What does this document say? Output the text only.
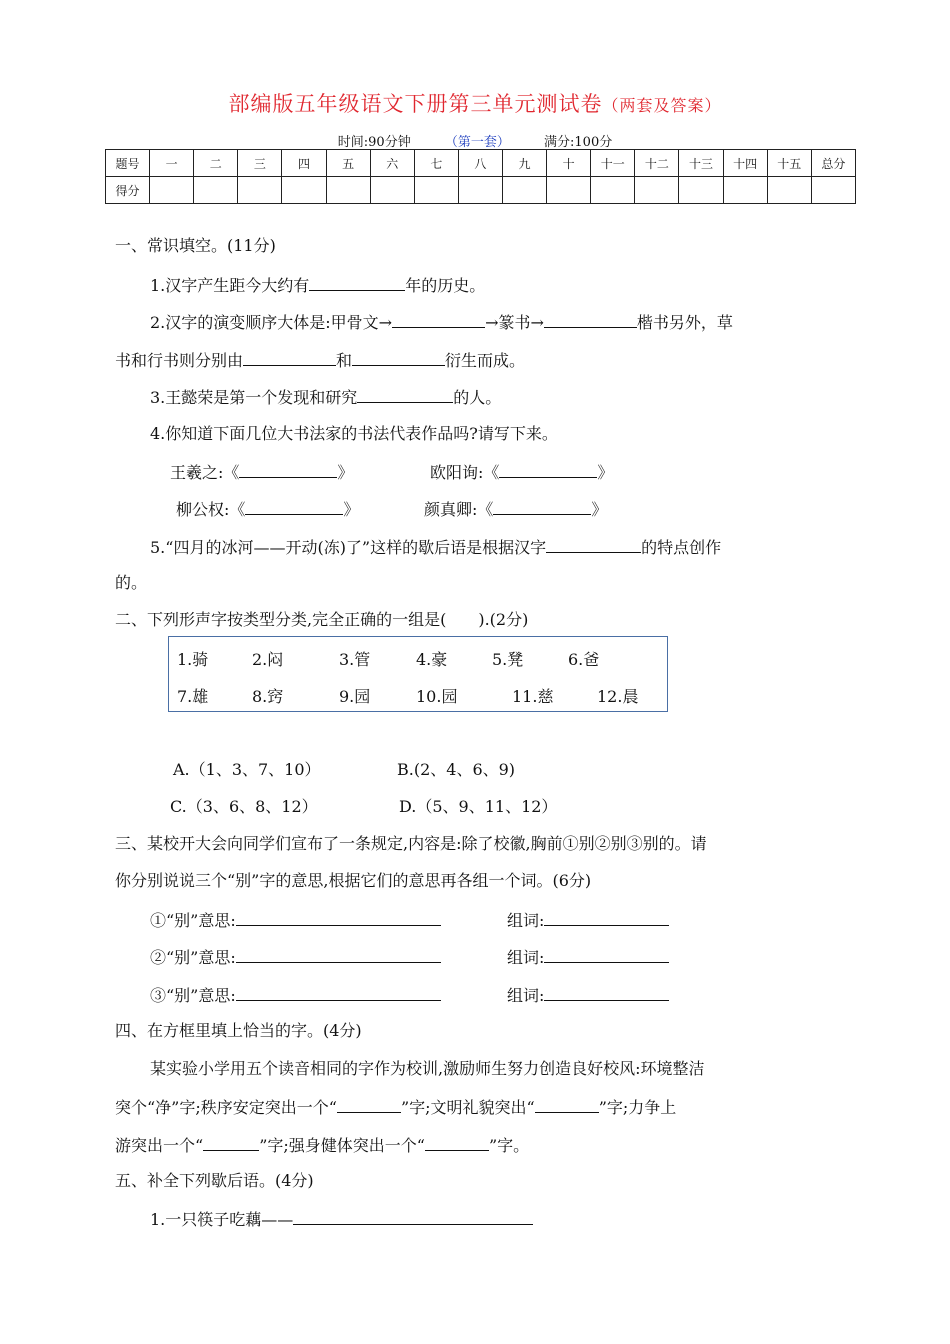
部编版五年级语文下册第三单元测试卷（两套及答案）
时间:90分钟	（第一套）	满分:100分
题号	一	二	三	四	五	六	七	八	九	十	十一	十二	十三	十四	十五	总分
得分																
一、常识填空。(11分)
1.汉字产生距今大约有	年的历史。
2.汉字的演变顺序大体是:甲骨文→	→篆书→	楷书另外，草
书和行书则分别由	和	衍生而成。
3.王懿荣是第一个发现和研究	的人。
4.你知道下面几位大书法家的书法代表作品吗?请写下来。
王羲之:《	》	欧阳询:《	》
柳公权:《	》	颜真卿:《	》
5.“四月的冰河——开动(冻)了”这样的歇后语是根据汉字	的特点创作
的。
二、下列形声字按类型分类,完全正确的一组是(　　).(2分)
1.骑	2.闷	3.管	4.豪	5.凳	6.爸
7.雄	8.窍	9.园	10.园	11.慈	12.晨
A.（1、3、7、10）	B.(2、4、6、9)
C.（3、6、8、12）	D.（5、9、11、12）
三、某校开大会向同学们宣布了一条规定,内容是:除了校徽,胸前①别②别③别的。请
你分别说说三个“别”字的意思,根据它们的意思再各组一个词。(6分)
①“别”意思:	组词:
②“别”意思:	组词:
③“别”意思:	组词:
四、在方框里填上恰当的字。(4分)
某实验小学用五个读音相同的字作为校训,激励师生努力创造良好校风:环境整洁
突个“净”字;秩序安定突出一个“	”字;文明礼貌突出“	”字;力争上
游突出一个“	”字;强身健体突出一个“	”字。
五、补全下列歇后语。(4分)
1.一只筷子吃藕——
